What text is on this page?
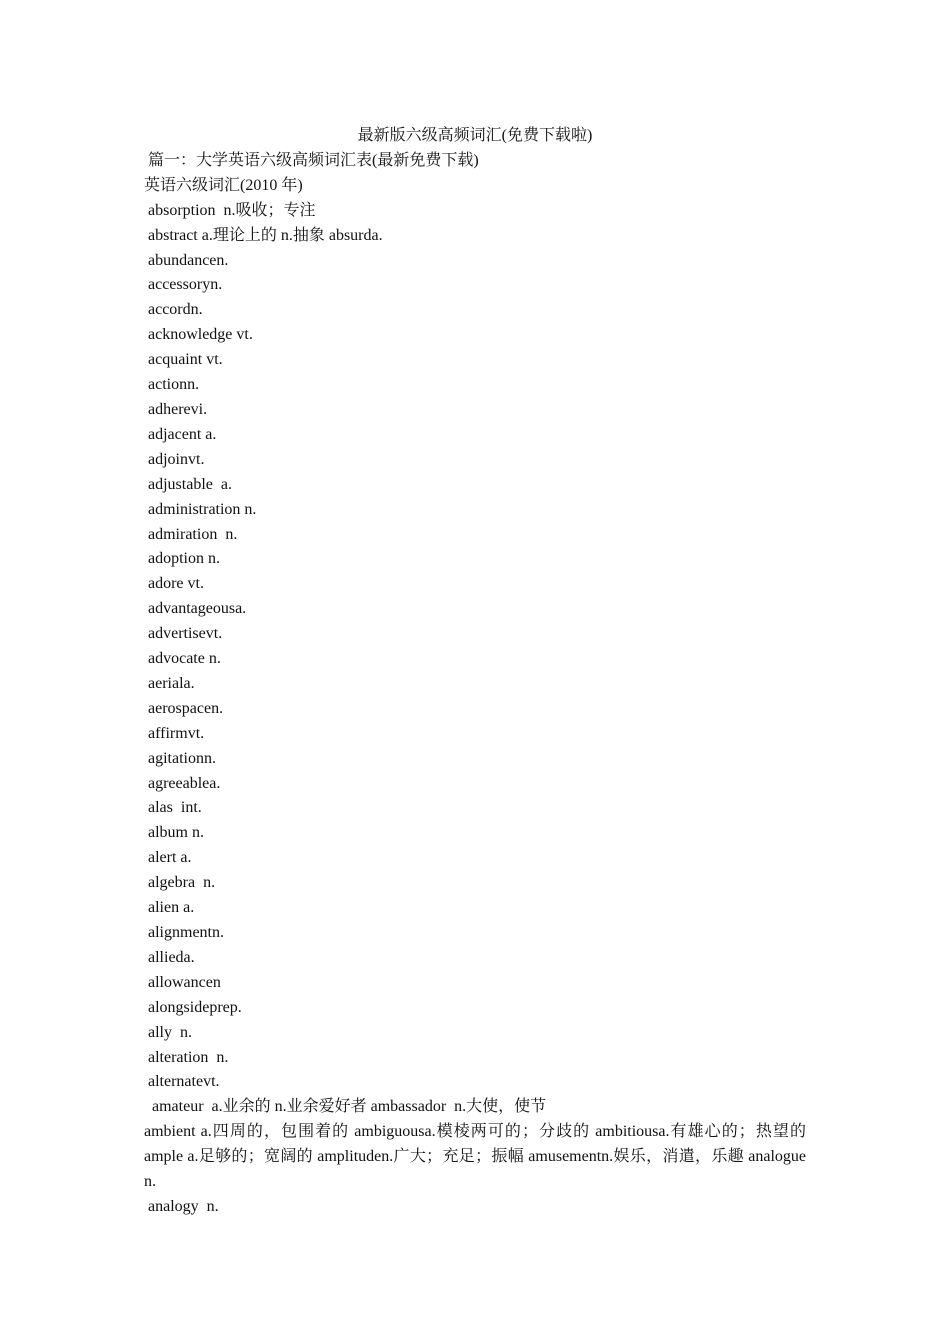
最新版六级高频词汇(免费下载啦)

篇一：大学英语六级高频词汇表(最新免费下载)

英语六级词汇(2010 年)

absorption  n.吸收；专注

abstract a.理论上的 n.抽象 absurda.

abundancen.

accessoryn.

accordn.

acknowledge vt.

acquaint vt.

actionn.

adherevi.

adjacent a.

adjoinvt.

adjustable  a.

administration n.

admiration  n.

adoption n.

adore vt.

advantageousa.

advertisevt.

advocate n.

aeriala.

aerospacen.

affirmvt.

agitationn.

agreeablea.

alas  int.

album n.

alert a.

algebra  n.

alien a.

alignmentn.

allieda.

allowancen

alongsideprep.

ally  n.

alteration  n.

alternatevt.

amateur  a.业余的 n.业余爱好者 ambassador  n.大使，使节

ambient a.四周的，包围着的 ambiguousa.模棱两可的；分歧的 ambitiousa.有雄心的；热望的 ample a.足够的；宽阔的 amplituden.广大；充足；振幅 amusementn.娱乐，消遣，乐趣 analogue n.

analogy  n.
